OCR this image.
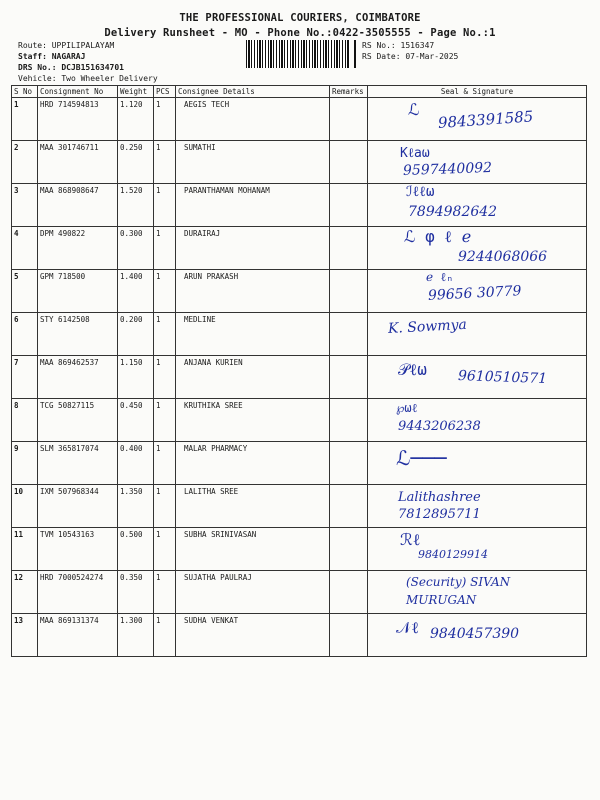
THE PROFESSIONAL COURIERS, COIMBATORE
Delivery Runsheet - MO - Phone No.:0422-3505555 - Page No.:1
Route: UPPILIPALAYAM
Staff: NAGARAJ
DRS No.: DCJB151634701
Vehicle: Two Wheeler Delivery
RS No.: 1516347
RS Date: 07-Mar-2025
S No	Consignment No	Weight	PCS	Consignee Details	Remarks	Seal & Signature
1	HRD 714594813	1.120	1	AEGIS TECH		ℒ 9843391585

2	MAA 301746711	0.250	1	SUMATHI		Kℓaω
9597440092

3	MAA 868908647	1.520	1	PARANTHAMAN MOHANAM		ℐℓℓω
7894982642

4	DPM 490822	0.300	1	DURAIRAJ		ℒ φ ℓ ℯ
9244068066

5	GPM 718500	1.400	1	ARUN PRAKASH		ℯ ℓₙ
99656 30779

6	STY 6142508	0.200	1	MEDLINE		K. Sowmya

7	MAA 869462537	1.150	1	ANJANA KURIEN		𝒫ℓω 9610510571

8	TCG 50827115	0.450	1	KRUTHIKA SREE		℘ωℓ
9443206238

9	SLM 365817074	0.400	1	MALAR PHARMACY		ℒ───

10	IXM 507968344	1.350	1	LALITHA SREE		Lalithashree 7812895711

11	TVM 10543163	0.500	1	SUBHA SRINIVASAN		ℛℓ
9840129914

12	HRD 7000524274	0.350	1	SUJATHA PAULRAJ		(Security) SIVAN MURUGAN

13	MAA 869131374	1.300	1	SUDHA VENKAT		𝒩ℓ 9840457390
